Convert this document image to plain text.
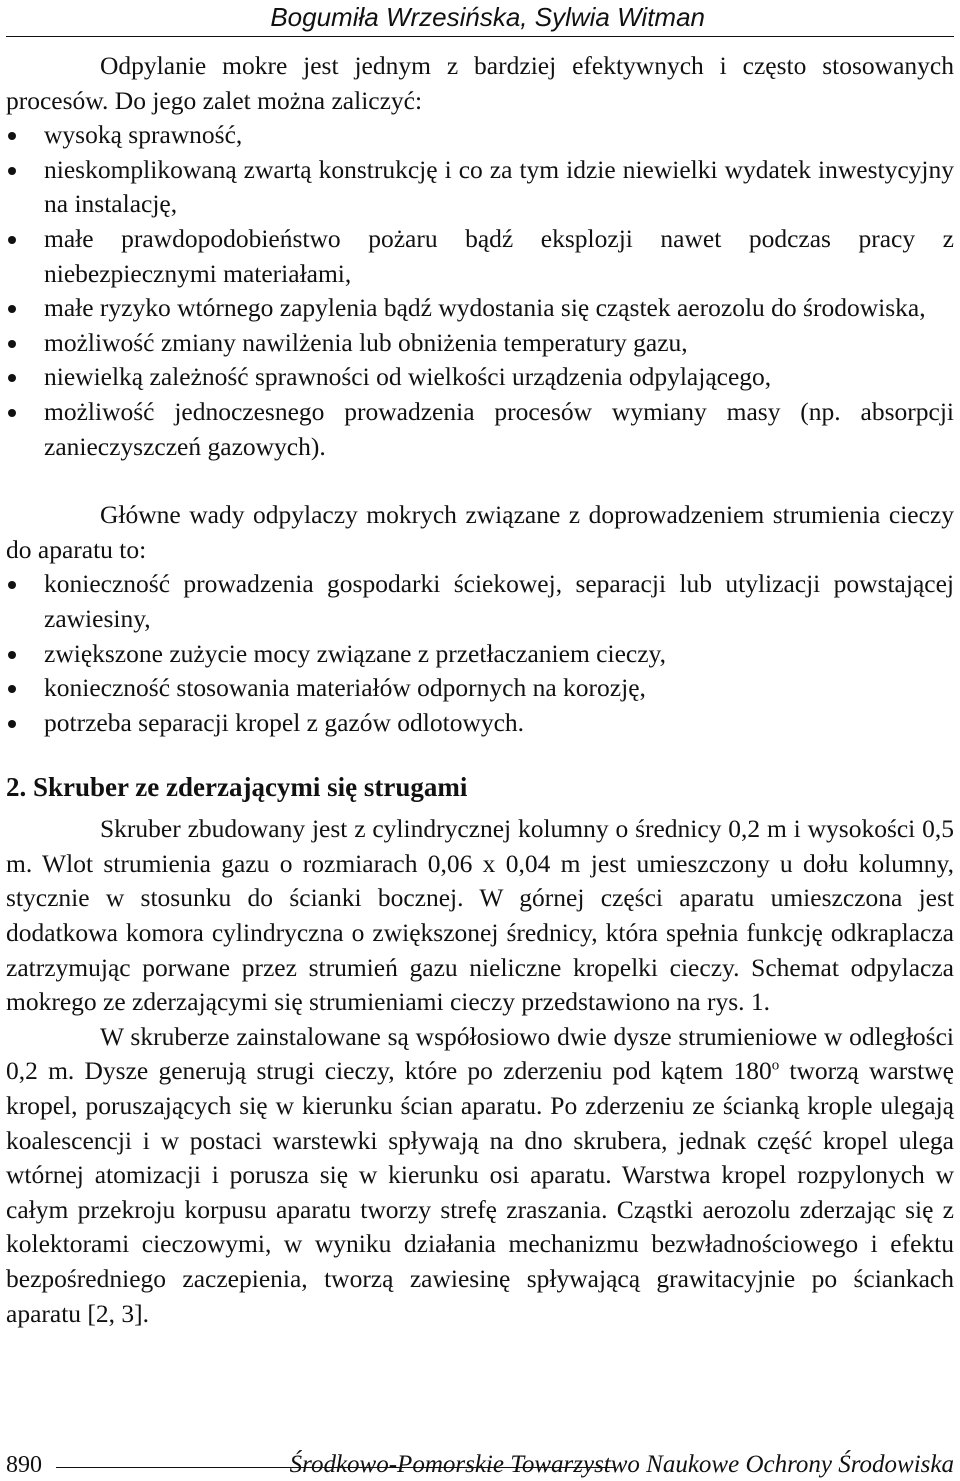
Bogumiła Wrzesińska, Sylwia Witman

Odpylanie mokre jest jednym z bardziej efektywnych i często stosowanych procesów. Do jego zalet można zaliczyć:

wysoką sprawność,
nieskomplikowaną zwartą konstrukcję i co za tym idzie niewielki wydatek inwestycyjny na instalację,
małe prawdopodobieństwo pożaru bądź eksplozji nawet podczas pracy z niebezpiecznymi materiałami,
małe ryzyko wtórnego zapylenia bądź wydostania się cząstek aerozolu do środowiska,
możliwość zmiany nawilżenia lub obniżenia temperatury gazu,
niewielką zależność sprawności od wielkości urządzenia odpylającego,
możliwość jednoczesnego prowadzenia procesów wymiany masy (np. absorpcji zanieczyszczeń gazowych).

Główne wady odpylaczy mokrych związane z doprowadzeniem strumienia cieczy do aparatu to:

konieczność prowadzenia gospodarki ściekowej, separacji lub utylizacji powstającej zawiesiny,
zwiększone zużycie mocy związane z przetłaczaniem cieczy,
konieczność stosowania materiałów odpornych na korozję,
potrzeba separacji kropel z gazów odlotowych.
2. Skruber ze zderzającymi się strugami

Skruber zbudowany jest z cylindrycznej kolumny o średnicy 0,2 m i wysokości 0,5 m. Wlot strumienia gazu o rozmiarach 0,06 x 0,04 m jest umieszczony u dołu kolumny, stycznie w stosunku do ścianki bocznej. W górnej części aparatu umieszczona jest dodatkowa komora cylindryczna o zwiększonej średnicy, która spełnia funkcję odkraplacza zatrzymując porwane przez strumień gazu nieliczne kropelki cieczy. Schemat odpylacza mokrego ze zderzającymi się strumieniami cieczy przedstawiono na rys. 1.

W skruberze zainstalowane są współosiowo dwie dysze strumieniowe w odległości 0,2 m. Dysze generują strugi cieczy, które po zderzeniu pod kątem 180$^o$ tworzą warstwę kropel, poruszających się w kierunku ścian aparatu. Po zderzeniu ze ścianką krople ulegają koalescencji i w postaci warstewki spływają na dno skrubera, jednak część kropel ulega wtórnej atomizacji i porusza się w kierunku osi aparatu. Warstwa kropel rozpylonych w całym przekroju korpusu aparatu tworzy strefę zraszania. Cząstki aerozolu zderzając się z kolektorami cieczowymi, w wyniku działania mechanizmu bezwładnościowego i efektu bezpośredniego zaczepienia, tworzą zawiesinę spływającą grawitacyjnie po ściankach aparatu [2, 3].

890	Środkowo-Pomorskie Towarzystwo Naukowe Ochrony Środowiska
